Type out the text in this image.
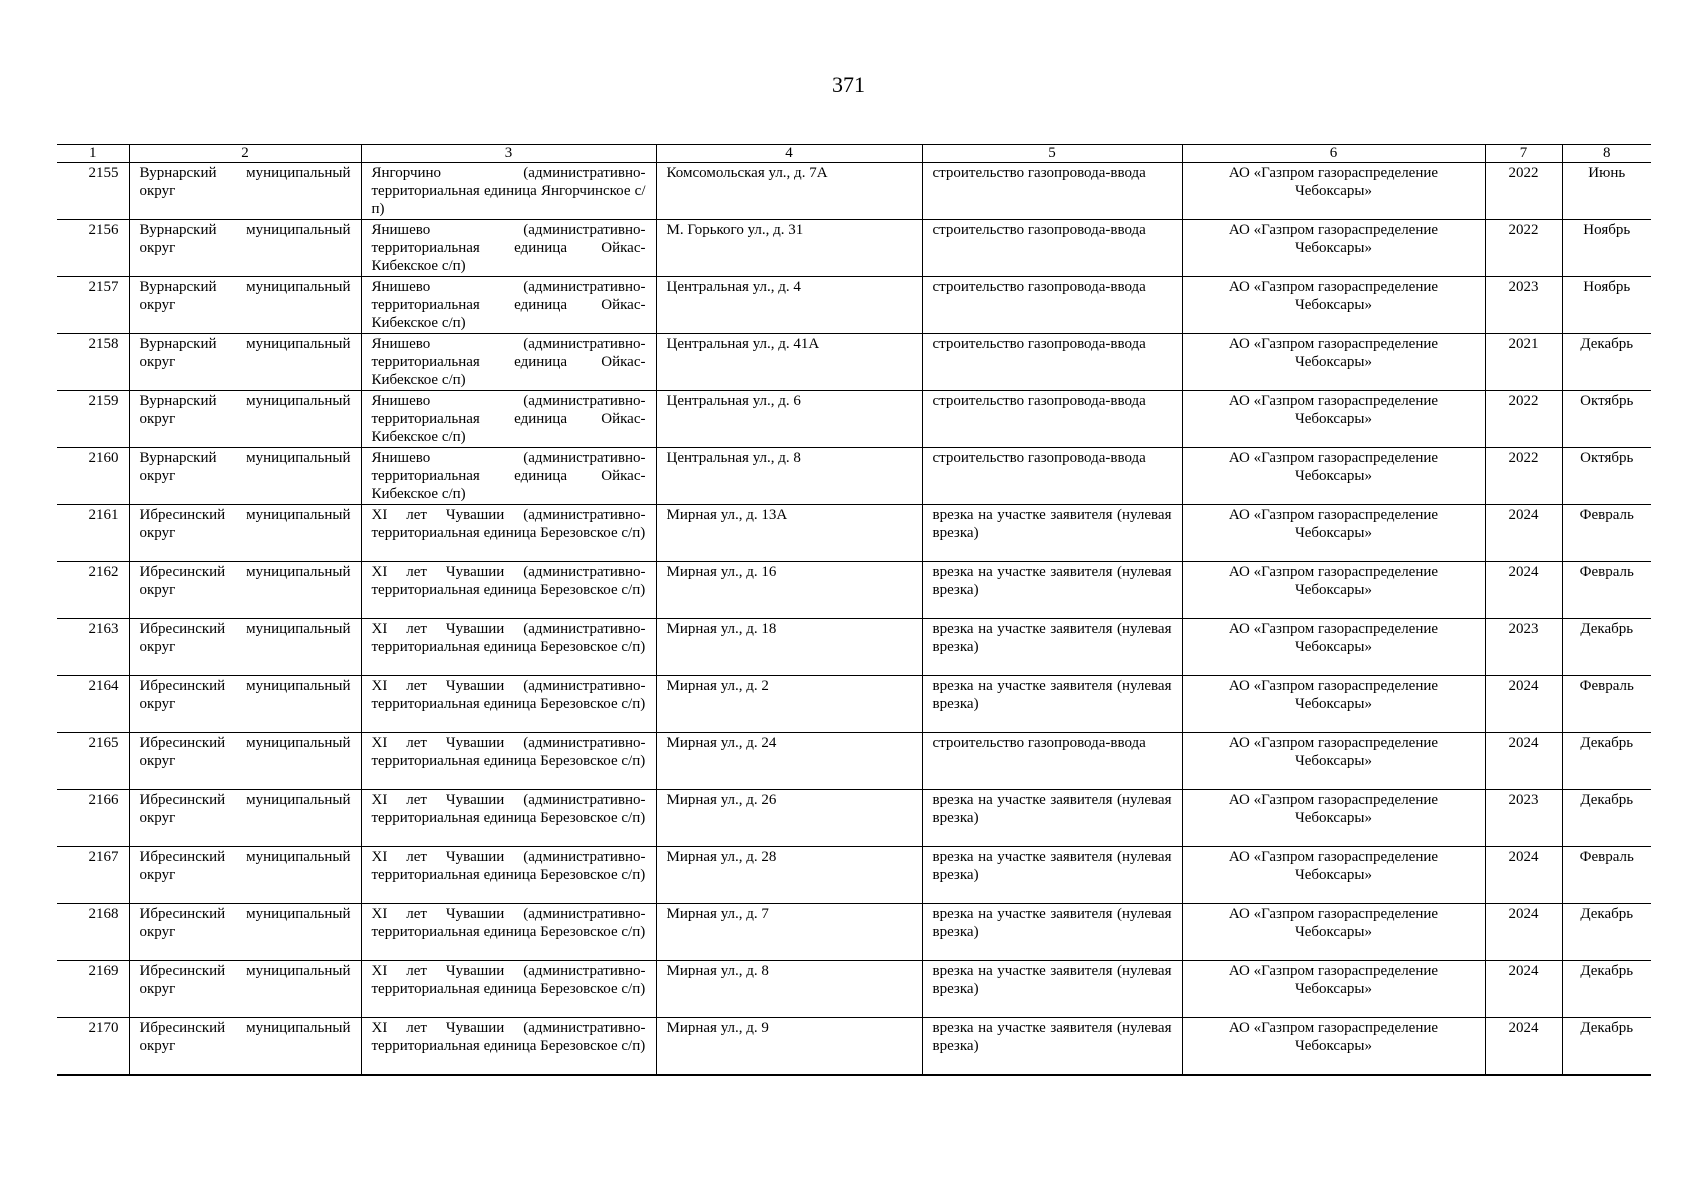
371
1	2	3	4	5	6	7	8
2155	Вурнарский муниципальный округ	Янгорчино (административно-территориальная единица Янгорчинское с/п)	Комсомольская ул., д. 7А	строительство газопровода-ввода	АО «Газпром газораспределение Чебоксары»	2022	Июнь
2156	Вурнарский муниципальный округ	Янишево (административно-территориальная единица Ойкас-Кибекское с/п)	М. Горького ул., д. 31	строительство газопровода-ввода	АО «Газпром газораспределение Чебоксары»	2022	Ноябрь
2157	Вурнарский муниципальный округ	Янишево (административно-территориальная единица Ойкас-Кибекское с/п)	Центральная ул., д. 4	строительство газопровода-ввода	АО «Газпром газораспределение Чебоксары»	2023	Ноябрь
2158	Вурнарский муниципальный округ	Янишево (административно-территориальная единица Ойкас-Кибекское с/п)	Центральная ул., д. 41А	строительство газопровода-ввода	АО «Газпром газораспределение Чебоксары»	2021	Декабрь
2159	Вурнарский муниципальный округ	Янишево (административно-территориальная единица Ойкас-Кибекское с/п)	Центральная ул., д. 6	строительство газопровода-ввода	АО «Газпром газораспределение Чебоксары»	2022	Октябрь
2160	Вурнарский муниципальный округ	Янишево (административно-территориальная единица Ойкас-Кибекское с/п)	Центральная ул., д. 8	строительство газопровода-ввода	АО «Газпром газораспределение Чебоксары»	2022	Октябрь
2161	Ибресинский муниципальный округ	XI лет Чувашии (административно-территориальная единица Березовское с/п)	Мирная ул., д. 13А	врезка на участке заявителя (нулевая врезка)	АО «Газпром газораспределение Чебоксары»	2024	Февраль
2162	Ибресинский муниципальный округ	XI лет Чувашии (административно-территориальная единица Березовское с/п)	Мирная ул., д. 16	врезка на участке заявителя (нулевая врезка)	АО «Газпром газораспределение Чебоксары»	2024	Февраль
2163	Ибресинский муниципальный округ	XI лет Чувашии (административно-территориальная единица Березовское с/п)	Мирная ул., д. 18	врезка на участке заявителя (нулевая врезка)	АО «Газпром газораспределение Чебоксары»	2023	Декабрь
2164	Ибресинский муниципальный округ	XI лет Чувашии (административно-территориальная единица Березовское с/п)	Мирная ул., д. 2	врезка на участке заявителя (нулевая врезка)	АО «Газпром газораспределение Чебоксары»	2024	Февраль
2165	Ибресинский муниципальный округ	XI лет Чувашии (административно-территориальная единица Березовское с/п)	Мирная ул., д. 24	строительство газопровода-ввода	АО «Газпром газораспределение Чебоксары»	2024	Декабрь
2166	Ибресинский муниципальный округ	XI лет Чувашии (административно-территориальная единица Березовское с/п)	Мирная ул., д. 26	врезка на участке заявителя (нулевая врезка)	АО «Газпром газораспределение Чебоксары»	2023	Декабрь
2167	Ибресинский муниципальный округ	XI лет Чувашии (административно-территориальная единица Березовское с/п)	Мирная ул., д. 28	врезка на участке заявителя (нулевая врезка)	АО «Газпром газораспределение Чебоксары»	2024	Февраль
2168	Ибресинский муниципальный округ	XI лет Чувашии (административно-территориальная единица Березовское с/п)	Мирная ул., д. 7	врезка на участке заявителя (нулевая врезка)	АО «Газпром газораспределение Чебоксары»	2024	Декабрь
2169	Ибресинский муниципальный округ	XI лет Чувашии (административно-территориальная единица Березовское с/п)	Мирная ул., д. 8	врезка на участке заявителя (нулевая врезка)	АО «Газпром газораспределение Чебоксары»	2024	Декабрь
2170	Ибресинский муниципальный округ	XI лет Чувашии (административно-территориальная единица Березовское с/п)	Мирная ул., д. 9	врезка на участке заявителя (нулевая врезка)	АО «Газпром газораспределение Чебоксары»	2024	Декабрь
